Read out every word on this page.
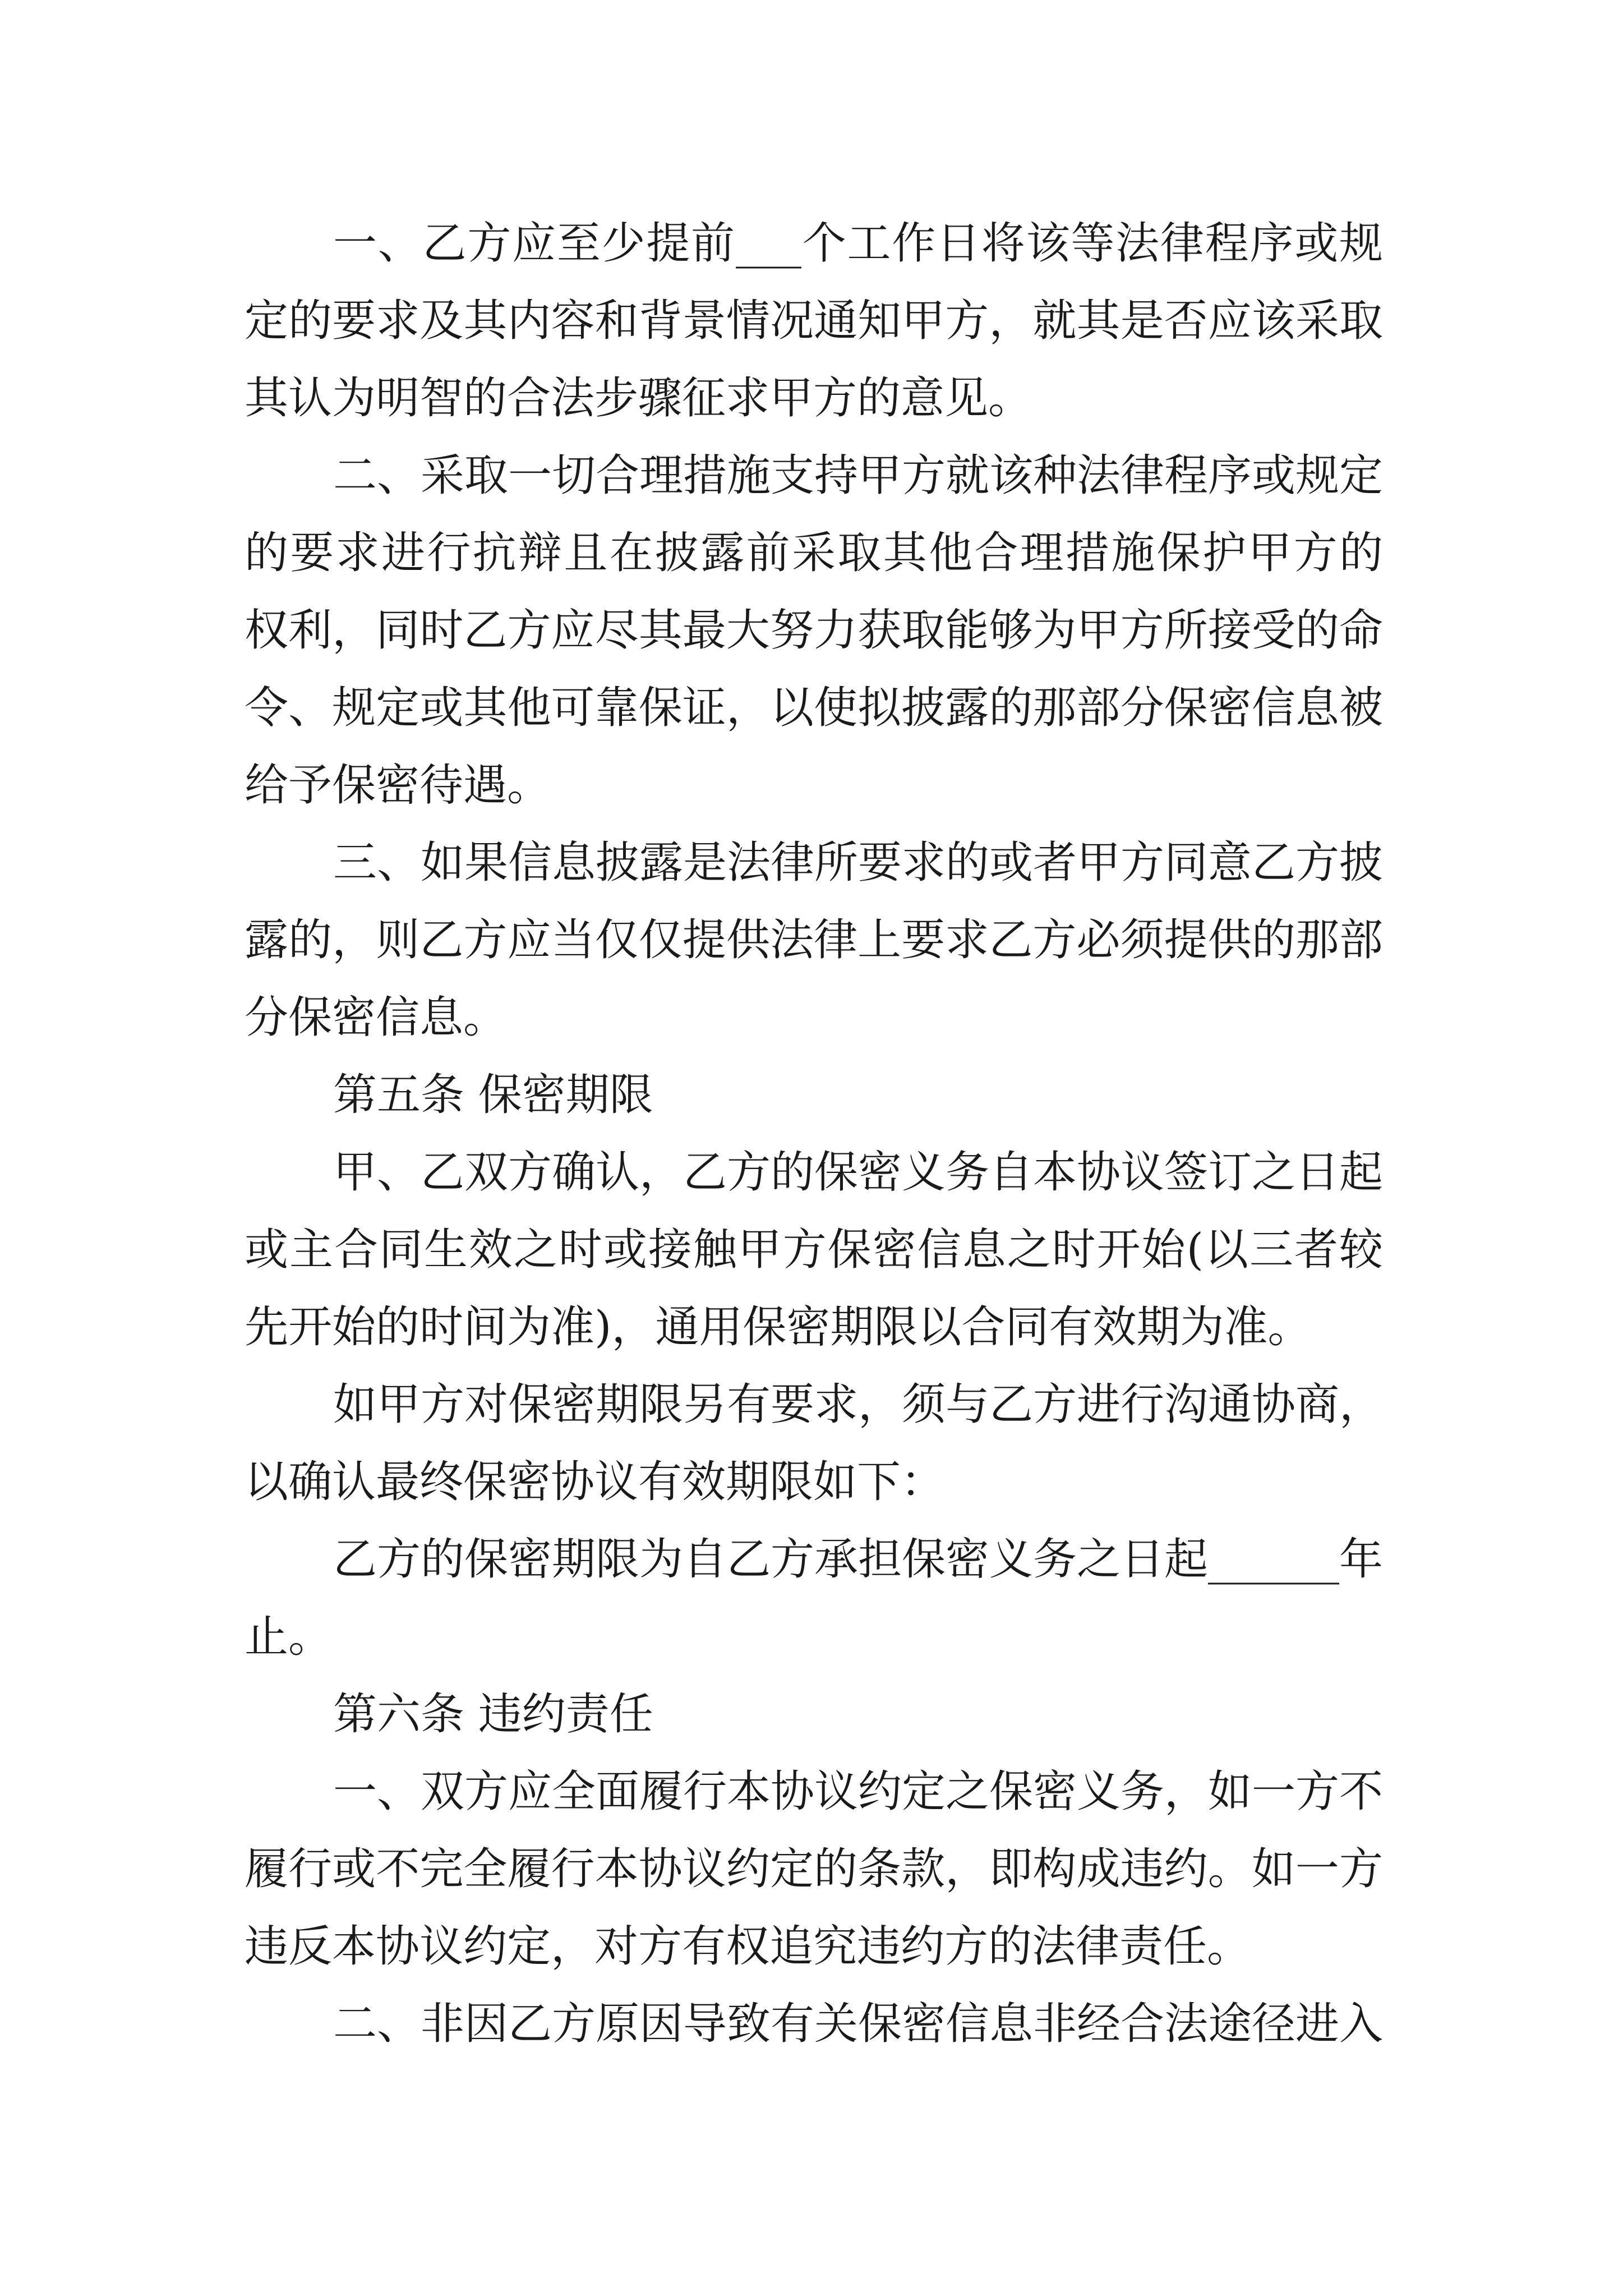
一、乙方应至少提前___个工作日将该等法律程序或规
定的要求及其内容和背景情况通知甲方，就其是否应该采取
其认为明智的合法步骤征求甲方的意见。
二、采取一切合理措施支持甲方就该种法律程序或规定
的要求进行抗辩且在披露前采取其他合理措施保护甲方的
权利，同时乙方应尽其最大努力获取能够为甲方所接受的命
令、规定或其他可靠保证，以使拟披露的那部分保密信息被
给予保密待遇。
三、如果信息披露是法律所要求的或者甲方同意乙方披
露的，则乙方应当仅仅提供法律上要求乙方必须提供的那部
分保密信息。
第五条 保密期限
甲、乙双方确认，乙方的保密义务自本协议签订之日起
或主合同生效之时或接触甲方保密信息之时开始(以三者较
先开始的时间为准)，通用保密期限以合同有效期为准。
如甲方对保密期限另有要求，须与乙方进行沟通协商，
以确认最终保密协议有效期限如下：
乙方的保密期限为自乙方承担保密义务之日起______年
止。
第六条 违约责任
一、双方应全面履行本协议约定之保密义务，如一方不
履行或不完全履行本协议约定的条款，即构成违约。如一方
违反本协议约定，对方有权追究违约方的法律责任。
二、非因乙方原因导致有关保密信息非经合法途径进入
